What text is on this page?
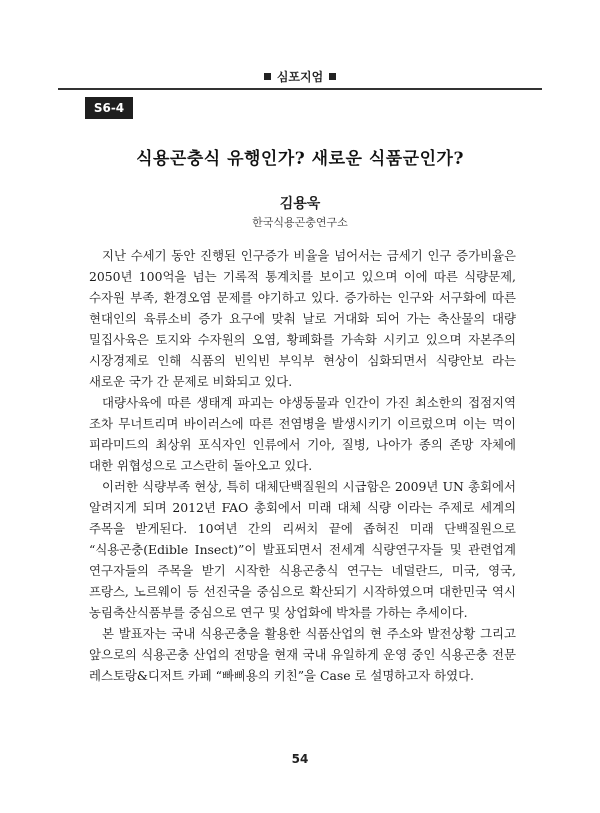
심포지엄
S6-4
식용곤충식 유행인가? 새로운 식품군인가?
김용욱
한국식용곤충연구소

지난 수세기 동안 진행된 인구증가 비율을 넘어서는 금세기 인구 증가비율은 2050년 100억을 넘는 기록적 통계치를 보이고 있으며 이에 따른 식량문제, 수자원 부족, 환경오염 문제를 야기하고 있다. 증가하는 인구와 서구화에 따른 현대인의 육류소비 증가 요구에 맞춰 날로 거대화 되어 가는 축산물의 대량 밀집사육은 토지와 수자원의 오염, 황폐화를 가속화 시키고 있으며 자본주의 시장경제로 인해 식품의 빈익빈 부익부 현상이 심화되면서 식량안보 라는 새로운 국가 간 문제로 비화되고 있다.

대량사육에 따른 생태계 파괴는 야생동물과 인간이 가진 최소한의 접점지역 조차 무너트리며 바이러스에 따른 전염병을 발생시키기 이르렀으며 이는 먹이 피라미드의 최상위 포식자인 인류에서 기아, 질병, 나아가 종의 존망 자체에 대한 위협성으로 고스란히 돌아오고 있다.

이러한 식량부족 현상, 특히 대체단백질원의 시급함은 2009년 UN 총회에서 알려지게 되며 2012년 FAO 총회에서 미래 대체 식량 이라는 주제로 세계의 주목을 받게된다. 10여년 간의 리써치 끝에 좁혀진 미래 단백질원으로 “식용곤충(Edible Insect)”이 발표되면서 전세계 식량연구자들 및 관련업계 연구자들의 주목을 받기 시작한 식용곤충식 연구는 네덜란드, 미국, 영국, 프랑스, 노르웨이 등 선진국을 중심으로 확산되기 시작하였으며 대한민국 역시 농림축산식품부를 중심으로 연구 및 상업화에 박차를 가하는 추세이다.

본 발표자는 국내 식용곤충을 활용한 식품산업의 현 주소와 발전상황 그리고 앞으로의 식용곤충 산업의 전망을 현재 국내 유일하게 운영 중인 식용곤충 전문 레스토랑&디저트 카페 “빠삐용의 키친”을 Case 로 설명하고자 하였다.

54
